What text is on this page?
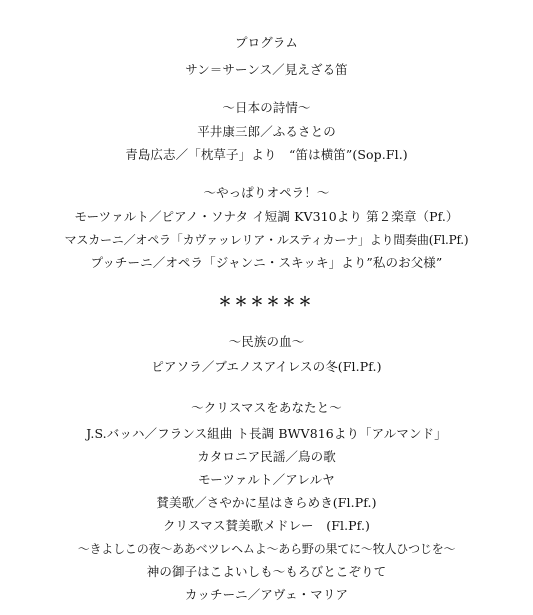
プログラム
サン＝サーンス／見えざる笛
～日本の詩情～
平井康三郎／ふるさとの
青島広志／「枕草子」より　“笛は横笛”(Sop.Fl.)
～やっぱりオペラ！～
モーツァルト／ピアノ・ソナタ イ短調 KV310より 第２楽章（Pf.）
マスカーニ／オペラ「カヴァッレリア・ルスティカーナ」より間奏曲(Fl.Pf.)
プッチーニ／オペラ「ジャンニ・スキッキ」より”私のお父様”
＊＊＊＊＊＊
～民族の血～
ピアソラ／ブエノスアイレスの冬(Fl.Pf.)
～クリスマスをあなたと～
J.S.バッハ／フランス組曲 ト長調 BWV816より「アルマンド」
カタロニア民謡／鳥の歌
モーツァルト／アレルヤ
賛美歌／さやかに星はきらめき(Fl.Pf.)
クリスマス賛美歌メドレー　(Fl.Pf.)
～きよしこの夜～ああベツレヘムよ～あら野の果てに～牧人ひつじを～
神の御子はこよいしも～もろびとこぞりて
カッチーニ／アヴェ・マリア
